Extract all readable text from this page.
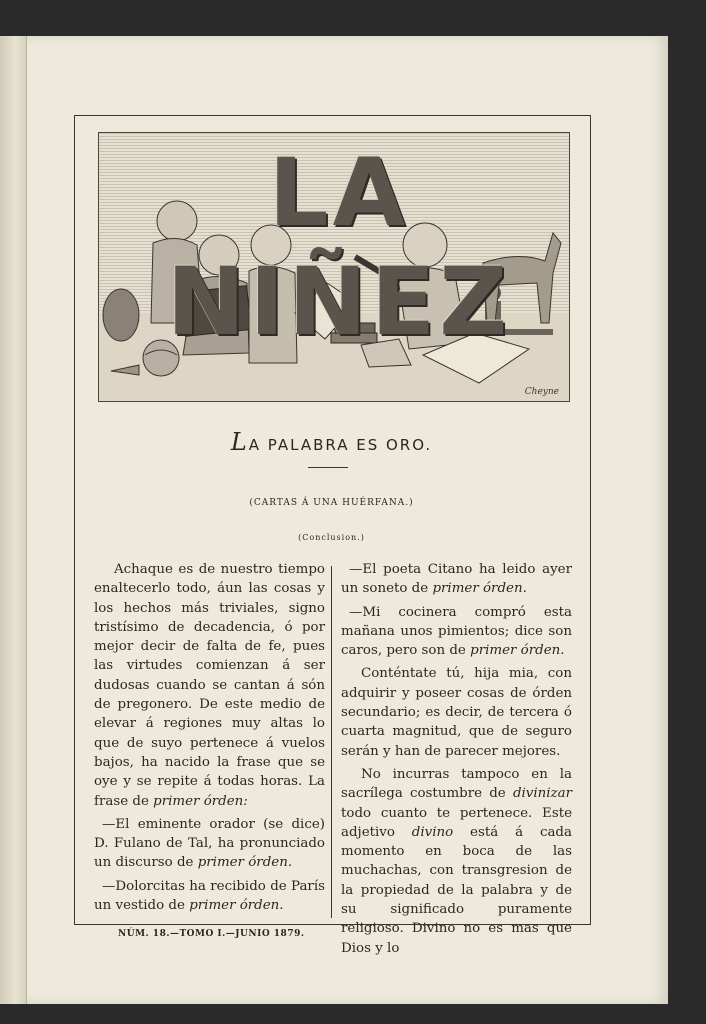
LA NIÑEZ
Cheyne
LA PALABRA ES ORO.
(CARTAS Á UNA HUÉRFANA.)
(Conclusion.)

Achaque es de nuestro tiempo enaltecerlo todo, áun las cosas y los hechos más triviales, signo tristísimo de decadencia, ó por mejor decir de falta de fe, pues las virtudes comienzan á ser dudosas cuando se cantan á són de pregonero. De este medio de elevar á regiones muy altas lo que de suyo pertenece á vuelos bajos, ha nacido la frase que se oye y se repite á todas horas. La frase de primer órden:

—El eminente orador (se dice) D. Fulano de Tal, ha pronunciado un discurso de primer órden.

—Dolorcitas ha recibido de París un vestido de primer órden.

—El poeta Citano ha leido ayer un soneto de primer órden.

—Mi cocinera compró esta mañana unos pimientos; dice son caros, pero son de primer órden.

Conténtate tú, hija mia, con adquirir y poseer cosas de órden secundario; es decir, de tercera ó cuarta magnitud, que de seguro serán y han de parecer mejores.

No incurras tampoco en la sacrílega costumbre de divinizar todo cuanto te pertenece. Este adjetivo divino está á cada momento en boca de las muchachas, con transgresion de la propiedad de la palabra y de su significado puramente religioso. Divino no es mas que Dios y lo

NÚM. 18.—TOMO I.—JUNIO 1879.
